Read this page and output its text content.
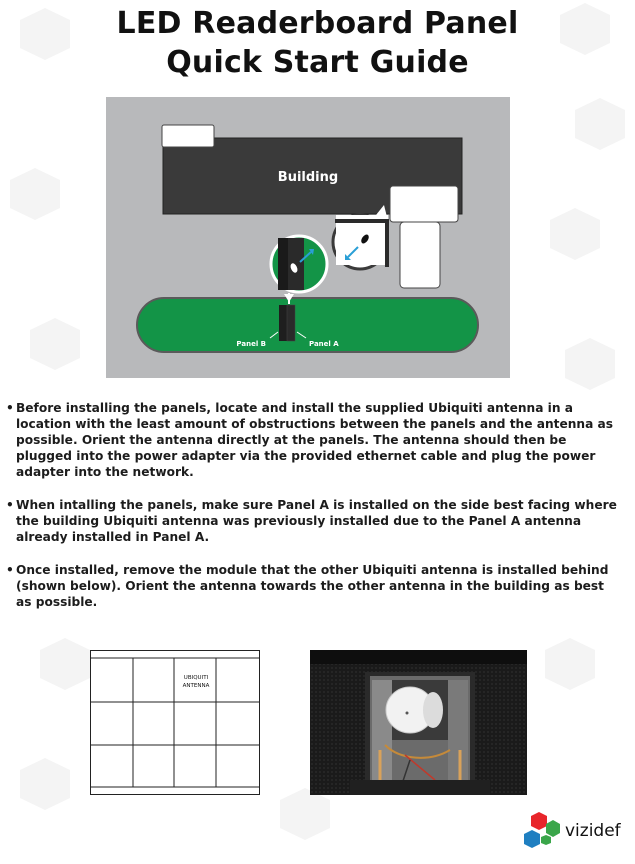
LED Readerboard Panel
Quick Start Guide
Building
Panel B	Panel A
• Before installing the panels, locate and install the supplied Ubiquiti antenna in a location with the least amount of obstructions between the panels and the antenna as possible. Orient the antenna directly at the panels. The antenna should then be plugged into the power adapter via the provided ethernet cable and plug the power adapter into the network.
• When intalling the panels, make sure Panel A is installed on the side best facing where the building Ubiquiti antenna was previously installed due to the Panel A antenna already installed in Panel A.
• Once installed, remove the module that the other Ubiquiti antenna is installed behind (shown below). Orient the antenna towards the other antenna in the building as best as possible.
UBIQUITI
ANTENNA
vizidef
